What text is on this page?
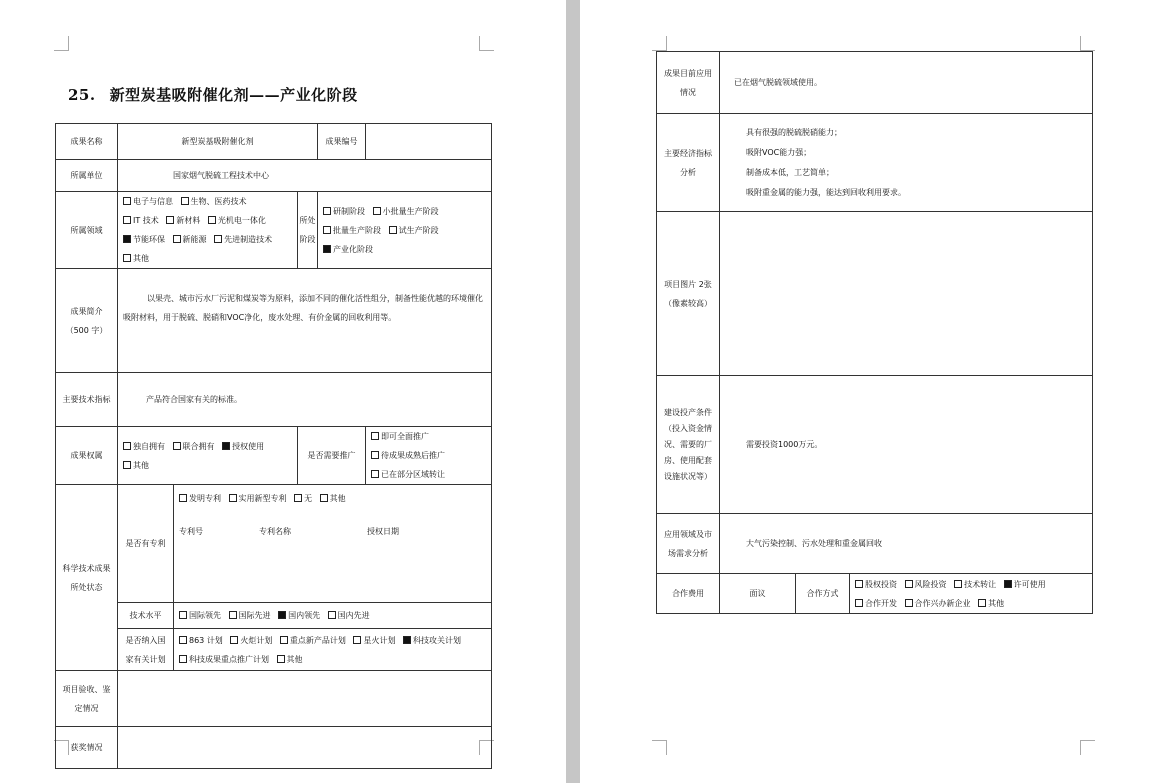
25. 新型炭基吸附催化剂——产业化阶段
成果名称	新型炭基吸附催化剂			成果编号	
所属单位	国家烟气脱硫工程技术中心				
所属领域	电子与信息 生物、医药技术 IT 技术 新材料 光机电一体化 节能环保 新能源 先进制造技术 其他		所处阶段	研制阶段 小批量生产阶段 批量生产阶段 试生产阶段 产业化阶段	

成果简介
（500 字）	以果壳、城市污水厂污泥和煤炭等为原料，添加不同的催化活性组分，制备性能优越的环境催化吸附材料，用于脱硫、脱硝和VOC净化，废水处理、有价金属的回收利用等。				

主要技术指标	产品符合国家有关的标准。				
成果权属	独自拥有 联合拥有 授权使用 其他		是否需要推广		即可全面推广 待成果成熟后推广 已在部分区域转让
科学技术成果所处状态	是否有专利	发明专利 实用新型专利 无 其他
专利号 专利名称 授权日期			

	技术水平	国际领先 国际先进 国内领先 国内先进			
	是否纳入国家有关计划	863 计划 火炬计划 重点新产品计划 星火计划 科技攻关计划 科技成果重点推广计划 其他			
项目验收、鉴定情况					
获奖情况					
成果目前应用情况	已在烟气脱硫领域使用。		
主要经济指标分析	具有很强的脱硫脱硝能力；
吸附VOC能力强；
制备成本低，工艺简单；
吸附重金属的能力强，能达到回收利用要求。		

项目图片 2张（像素较高）			
建设投产条件（投入资金情况、需要的厂房、使用配套设施状况等）	需要投资1000万元。		
应用领域及市场需求分析	大气污染控制、污水处理和重金属回收		
合作费用	面议	合作方式	股权投资 风险投资 技术转让 许可使用 合作开发 合作兴办新企业 其他
